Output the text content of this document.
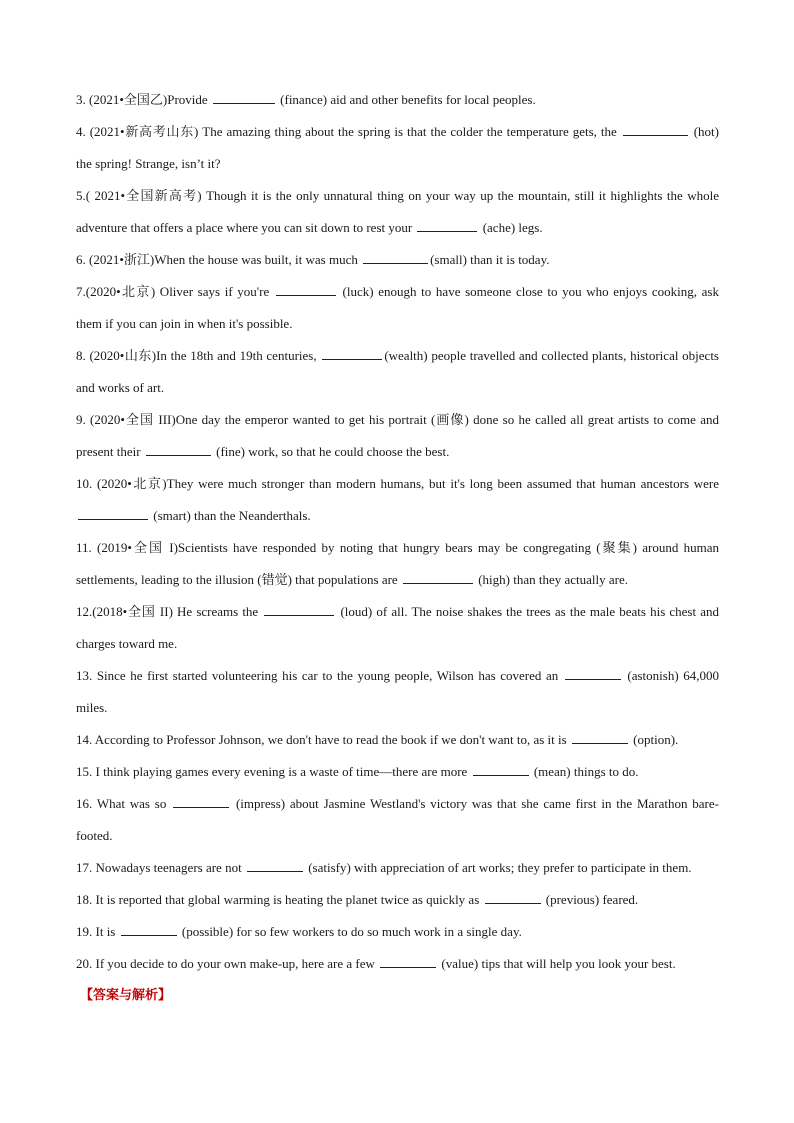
3. (2021•全国乙)Provide	(finance) aid and other benefits for local peoples.

4. (2021•新高考山东) The amazing thing about the spring is that the colder the temperature gets, the	(hot) the spring! Strange, isn’t it?

5.( 2021•全国新高考) Though it is the only unnatural thing on your way up the mountain, still it highlights the whole adventure that offers a place where you can sit down to rest your	(ache) legs.

6. (2021•浙江)When the house was built, it was much	(small) than it is today.

7.(2020•北京) Oliver says if you're	(luck) enough to have someone close to you who enjoys cooking, ask them if you can join in when it's possible.

8. (2020•山东)In the 18th and 19th centuries,	(wealth) people travelled and collected plants, historical objects and works of art.

9. (2020•全国 III)One day the emperor wanted to get his portrait (画像) done so he called all great artists to come and present their	(fine) work, so that he could choose the best.

10. (2020•北京)They were much stronger than modern humans, but it's long been assumed that human ancestors were  (smart) than the Neanderthals.

11. (2019•全国 I)Scientists have responded by noting that hungry bears may be congregating (聚集) around human settlements, leading to the illusion (错觉) that populations are	(high) than they actually are.

12.(2018•全国 II) He screams the	(loud) of all. The noise shakes the trees as the male beats his chest and charges toward me.

13. Since he first started volunteering his car to the young people, Wilson has covered an	(astonish) 64,000 miles.

14. According to Professor Johnson, we don't have to read the book if we don't want to, as it is	(option).

15. I think playing games every evening is a waste of time—there are more	(mean) things to do.

16. What was so	(impress) about Jasmine Westland's victory was that she came first in the Marathon bare-footed.

17. Nowadays teenagers are not	(satisfy) with appreciation of art works; they prefer to participate in them.

18. It is reported that global warming is heating the planet twice as quickly as	(previous) feared.

19. It is	(possible) for so few workers to do so much work in a single day.

20. If you decide to do your own make-up, here are a few	(value) tips that will help you look your best.

【答案与解析】
